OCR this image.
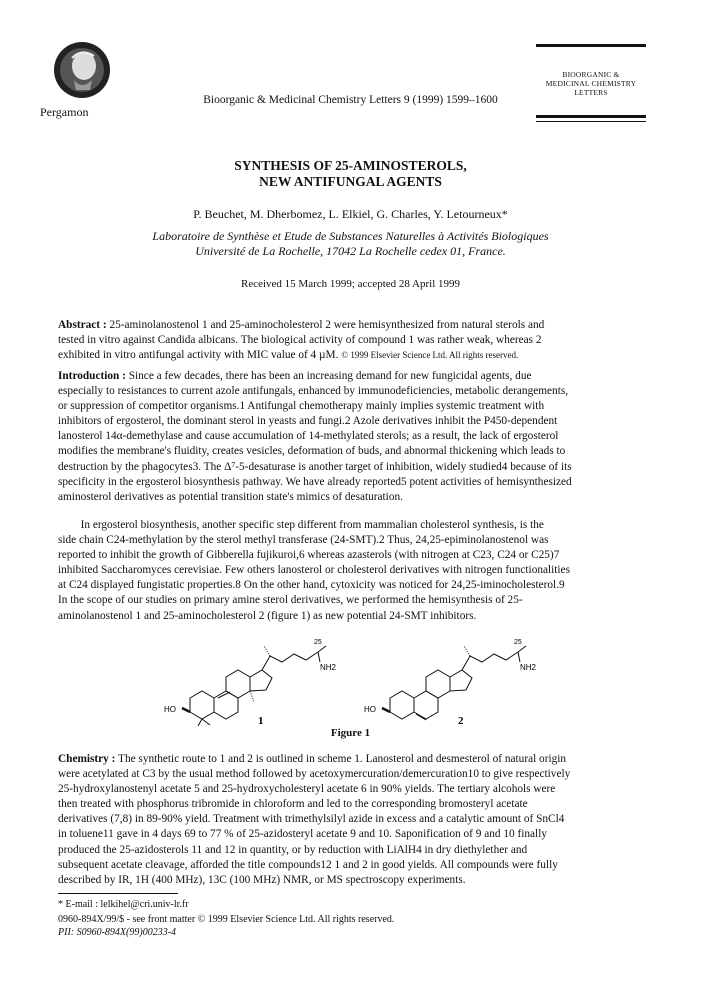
Pergamon
Bioorganic & Medicinal Chemistry Letters 9 (1999) 1599–1600
BIOORGANIC &
MEDICINAL CHEMISTRY
LETTERS
SYNTHESIS OF 25-AMINOSTEROLS,
NEW ANTIFUNGAL AGENTS
P. Beuchet, M. Dherbomez, L. Elkiel, G. Charles, Y. Letourneux*
Laboratoire de Synthèse et Etude de Substances Naturelles à Activités Biologiques
Université de La Rochelle, 17042 La Rochelle cedex 01, France.
Received 15 March 1999; accepted 28 April 1999
Abstract : 25-aminolanostenol 1 and 25-aminocholesterol 2 were hemisynthesized from natural sterols and
tested in vitro against Candida albicans. The biological activity of compound 1 was rather weak, whereas 2
exhibited in vitro antifungal activity with MIC value of 4 µM. © 1999 Elsevier Science Ltd. All rights reserved.
Introduction : Since a few decades, there has been an increasing demand for new fungicidal agents, due
especially to resistances to current azole antifungals, enhanced by immunodeficiencies, metabolic derangements,
or suppression of competitor organisms.1 Antifungal chemotherapy mainly implies systemic treatment with
inhibitors of ergosterol, the dominant sterol in yeasts and fungi.2 Azole derivatives inhibit the P450-dependent
lanosterol 14α-demethylase and cause accumulation of 14-methylated sterols; as a result, the lack of ergosterol
modifies the membrane's fluidity, creates vesicles, deformation of buds, and abnormal thickening which leads to
destruction by the phagocytes3. The Δ⁷-5-desaturase is another target of inhibition, widely studied4 because of its
specificity in the ergosterol biosynthesis pathway. We have already reported5 potent activities of hemisynthesized
aminosterol derivatives as potential transition state's mimics of desaturation.
In ergosterol biosynthesis, another specific step different from mammalian cholesterol synthesis, is the
side chain C24-methylation by the sterol methyl transferase (24-SMT).2 Thus, 24,25-epiminolanostenol was
reported to inhibit the growth of Gibberella fujikuroi,6 whereas azasterols (with nitrogen at C23, C24 or C25)7
inhibited Saccharomyces cerevisiae. Few others lanosterol or cholesterol derivatives with nitrogen functionalities
at C24 displayed fungistatic properties.8 On the other hand, cytoxicity was noticed for 24,25-iminocholesterol.9
In the scope of our studies on primary amine sterol derivatives, we performed the hemisynthesis of 25-
aminolanostenol 1 and 25-aminocholesterol 2 (figure 1) as new potential 24-SMT inhibitors.
HO
25
NH2
HO
25
NH2
1	2
Figure 1
Chemistry : The synthetic route to 1 and 2 is outlined in scheme 1. Lanosterol and desmesterol of natural origin
were acetylated at C3 by the usual method followed by acetoxymercuration/demercuration10 to give respectively
25-hydroxylanostenyl acetate 5 and 25-hydroxycholesteryl acetate 6 in 90% yields. The tertiary alcohols were
then treated with phosphorus tribromide in chloroform and led to the corresponding bromosteryl acetate
derivatives (7,8) in 89-90% yield. Treatment with trimethylsilyl azide in excess and a catalytic amount of SnCl4
in toluene11 gave in 4 days 69 to 77 % of 25-azidosteryl acetate 9 and 10. Saponification of 9 and 10 finally
produced the 25-azidosterols 11 and 12 in quantity, or by reduction with LiAlH4 in dry diethylether and
subsequent acetate cleavage, afforded the title compounds12 1 and 2 in good yields. All compounds were fully
described by IR, 1H (400 MHz), 13C (100 MHz) NMR, or MS spectroscopy experiments.
* E-mail : lelkihel@cri.univ-lr.fr
0960-894X/99/$ - see front matter © 1999 Elsevier Science Ltd. All rights reserved.
PII: S0960-894X(99)00233-4
